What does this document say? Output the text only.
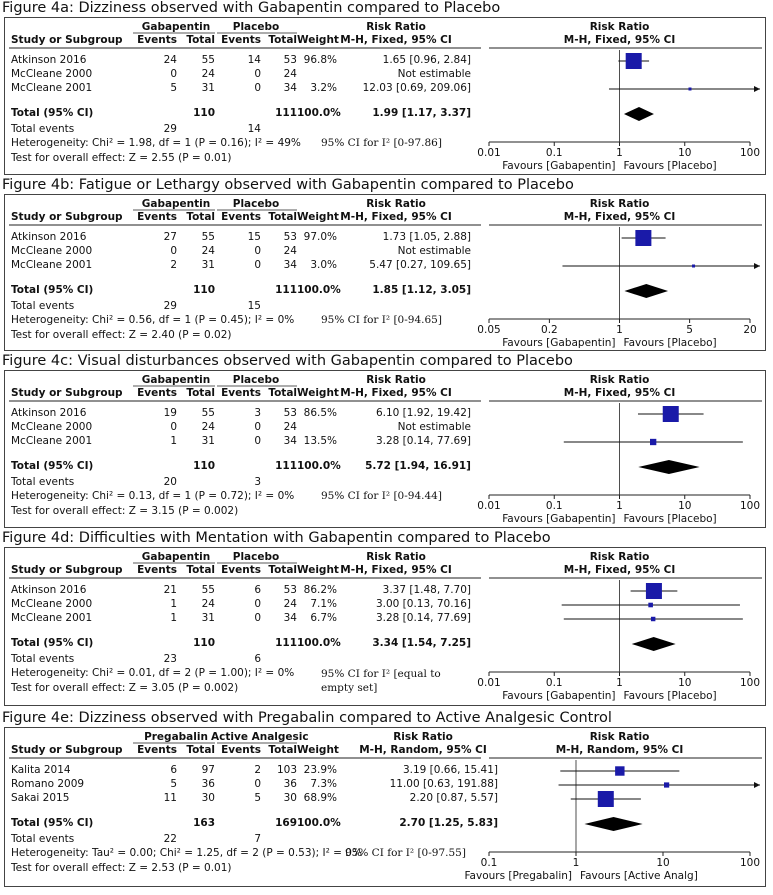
Figure 4a: Dizziness observed with Gabapentin compared to Placebo
Gabapentin	Placebo	Risk Ratio	Risk Ratio
Study or Subgroup	Events Total Events Total Weight M-H, Fixed, 95% CI	M-H, Fixed, 95% CI
Atkinson 2016	24	55	14	53 96.8%	1.65 [0.96, 2.84]
McCleane 2000	0	24	0	24	Not estimable
McCleane 2001	5	31	0	34	3.2%	12.03 [0.69, 209.06]
Total (95% CI)	110	111 100.0%	1.99 [1.17, 3.37]
Total events	29	14
Heterogeneity: Chi² = 1.98, df = 1 (P = 0.16); I² = 49% 95% CI for I² [0-97.86]
Test for overall effect: Z = 2.55 (P = 0.01)	0.01	0.1	1	10	100
Favours [Gabapentin] Favours [Placebo]
Figure 4b: Fatigue or Lethargy observed with Gabapentin compared to Placebo
Gabapentin	Placebo	Risk Ratio	Risk Ratio
Study or Subgroup	Events Total Events Total Weight M-H, Fixed, 95% CI	M-H, Fixed, 95% CI
Atkinson 2016	27	55	15	53 97.0%	1.73 [1.05, 2.88]
McCleane 2000	0	24	0	24	Not estimable
McCleane 2001	2	31	0	34	3.0%	5.47 [0.27, 109.65]
Total (95% CI)	110	111 100.0%	1.85 [1.12, 3.05]
Total events	29	15
Heterogeneity: Chi² = 0.56, df = 1 (P = 0.45); I² = 0%	95% CI for I² [0-94.65]
Test for overall effect: Z = 2.40 (P = 0.02)	0.05	0.2	1	5	20
Favours [Gabapentin] Favours [Placebo]
Figure 4c: Visual disturbances observed with Gabapentin compared to Placebo
Gabapentin	Placebo	Risk Ratio	Risk Ratio
Study or Subgroup	Events Total Events Total Weight M-H, Fixed, 95% CI	M-H, Fixed, 95% CI
Atkinson 2016	19	55	3	53 86.5%	6.10 [1.92, 19.42]
McCleane 2000	0	24	0	24	Not estimable
McCleane 2001	1	31	0	34 13.5%	3.28 [0.14, 77.69]
Total (95% CI)	110	111 100.0%	5.72 [1.94, 16.91]
Total events	20	3
Heterogeneity: Chi² = 0.13, df = 1 (P = 0.72); I² = 0%	95% CI for I² [0-94.44]
Test for overall effect: Z = 3.15 (P = 0.002)	0.01	0.1	1	10	100
Favours [Gabapentin] Favours [Placebo]
Figure 4d: Difficulties with Mentation with Gabapentin compared to Placebo
Gabapentin	Placebo	Risk Ratio	Risk Ratio
Study or Subgroup	Events Total Events Total Weight M-H, Fixed, 95% CI	M-H, Fixed, 95% CI
Atkinson 2016	21	55	6	53 86.2%	3.37 [1.48, 7.70]
McCleane 2000	1	24	0	24	7.1%	3.00 [0.13, 70.16]
McCleane 2001	1	31	0	34	6.7%	3.28 [0.14, 77.69]
Total (95% CI)	110	111 100.0%	3.34 [1.54, 7.25]
Total events	23	6
Heterogeneity: Chi² = 0.01, df = 2 (P = 1.00); I² = 0%	95% CI for I² [equal to empty set]
Test for overall effect: Z = 3.05 (P = 0.002)	0.01	0.1	1	10	100
Favours [Gabapentin] Favours [Placebo]
Figure 4e: Dizziness observed with Pregabalin compared to Active Analgesic Control
Pregabalin Active Analgesic	Risk Ratio	Risk Ratio
Study or Subgroup	Events Total Events Total Weight	M-H, Random, 95% CI	M-H, Random, 95% CI
Kalita 2014	6	97	2	103 23.9%	3.19 [0.66, 15.41]
Romano 2009	5	36	0	36	7.3%	11.00 [0.63, 191.88]
Sakai 2015	11	30	5	30 68.9%	2.20 [0.87, 5.57]
Total (95% CI)	163	169 100.0%	2.70 [1.25, 5.83]
Total events	22	7
Heterogeneity: Tau² = 0.00; Chi² = 1.25, df = 2 (P = 0.53); I² = 0%
95% CI for I² [0-97.55]
Test for overall effect: Z = 2.53 (P = 0.01)	0.1	1	10	100
Favours [Pregabalin] Favours [Active Analg]
